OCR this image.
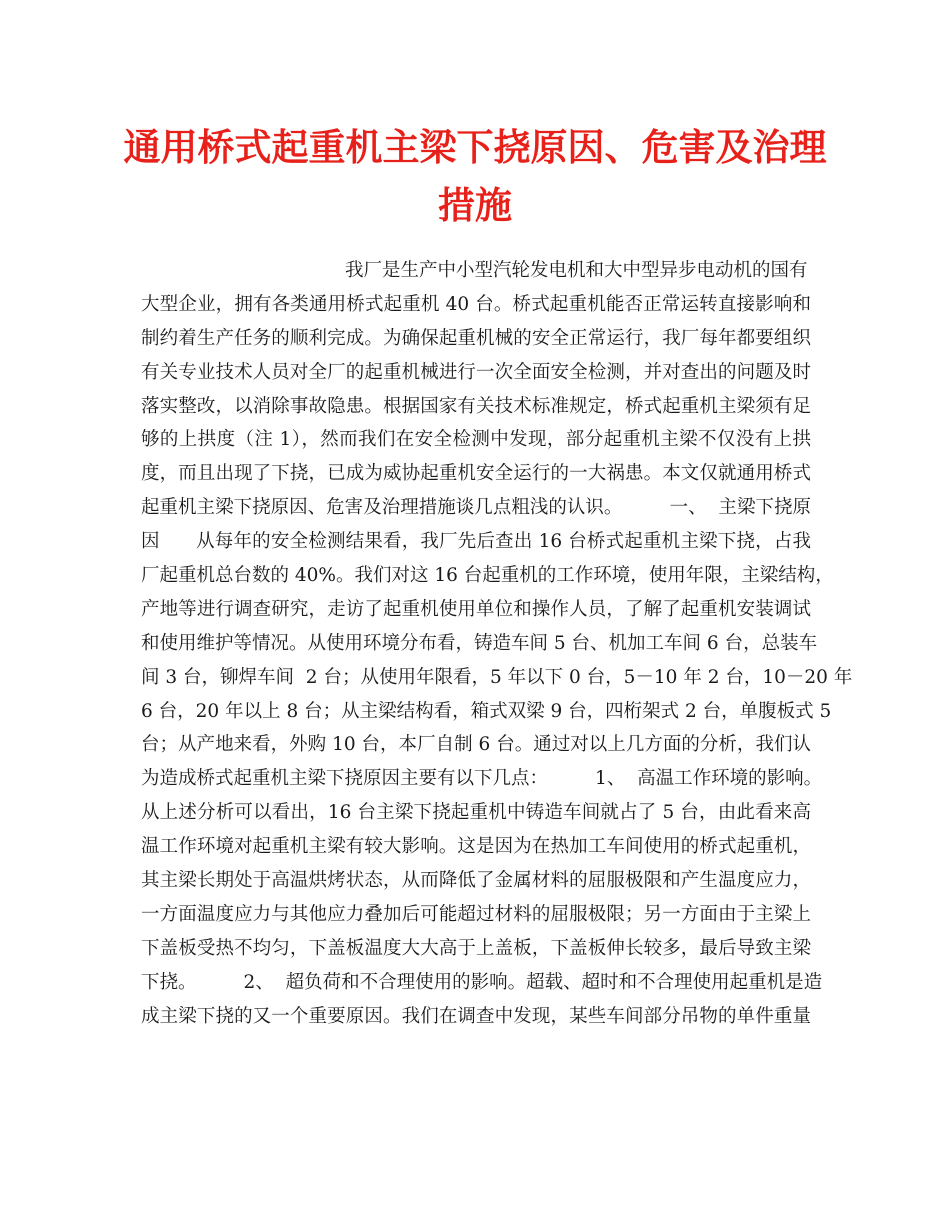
通用桥式起重机主梁下挠原因、危害及治理
措施
我厂是生产中小型汽轮发电机和大中型异步电动机的国有
大型企业，拥有各类通用桥式起重机 40 台。桥式起重机能否正常运转直接影响和
制约着生产任务的顺利完成。为确保起重机械的安全正常运行，我厂每年都要组织
有关专业技术人员对全厂的起重机械进行一次全面安全检测，并对查出的问题及时
落实整改，以消除事故隐患。根据国家有关技术标准规定，桥式起重机主梁须有足
够的上拱度（注 1），然而我们在安全检测中发现，部分起重机主梁不仅没有上拱
度，而且出现了下挠，已成为威协起重机安全运行的一大祸患。本文仅就通用桥式
起重机主梁下挠原因、危害及治理措施谈几点粗浅的认识。        一、  主梁下挠原
因      从每年的安全检测结果看，我厂先后查出 16 台桥式起重机主梁下挠，占我
厂起重机总台数的 40%。我们对这 16 台起重机的工作环境，使用年限，主梁结构，
产地等进行调查研究，走访了起重机使用单位和操作人员，了解了起重机安装调试
和使用维护等情况。从使用环境分布看，铸造车间 5 台、机加工车间 6 台，总装车
间 3 台，铆焊车间  2 台；从使用年限看，5 年以下 0 台，5－10 年 2 台，10－20 年
6 台，20 年以上 8 台；从主梁结构看，箱式双梁 9 台，四桁架式 2 台，单腹板式 5
台；从产地来看，外购 10 台，本厂自制 6 台。通过对以上几方面的分析，我们认
为造成桥式起重机主梁下挠原因主要有以下几点：        1、  高温工作环境的影响。
从上述分析可以看出，16 台主梁下挠起重机中铸造车间就占了 5 台，由此看来高
温工作环境对起重机主梁有较大影响。这是因为在热加工车间使用的桥式起重机，
其主梁长期处于高温烘烤状态，从而降低了金属材料的屈服极限和产生温度应力，
一方面温度应力与其他应力叠加后可能超过材料的屈服极限；另一方面由于主梁上
下盖板受热不均匀，下盖板温度大大高于上盖板，下盖板伸长较多，最后导致主梁
下挠。        2、  超负荷和不合理使用的影响。超载、超时和不合理使用起重机是造
成主梁下挠的又一个重要原因。我们在调查中发现，某些车间部分吊物的单件重量
